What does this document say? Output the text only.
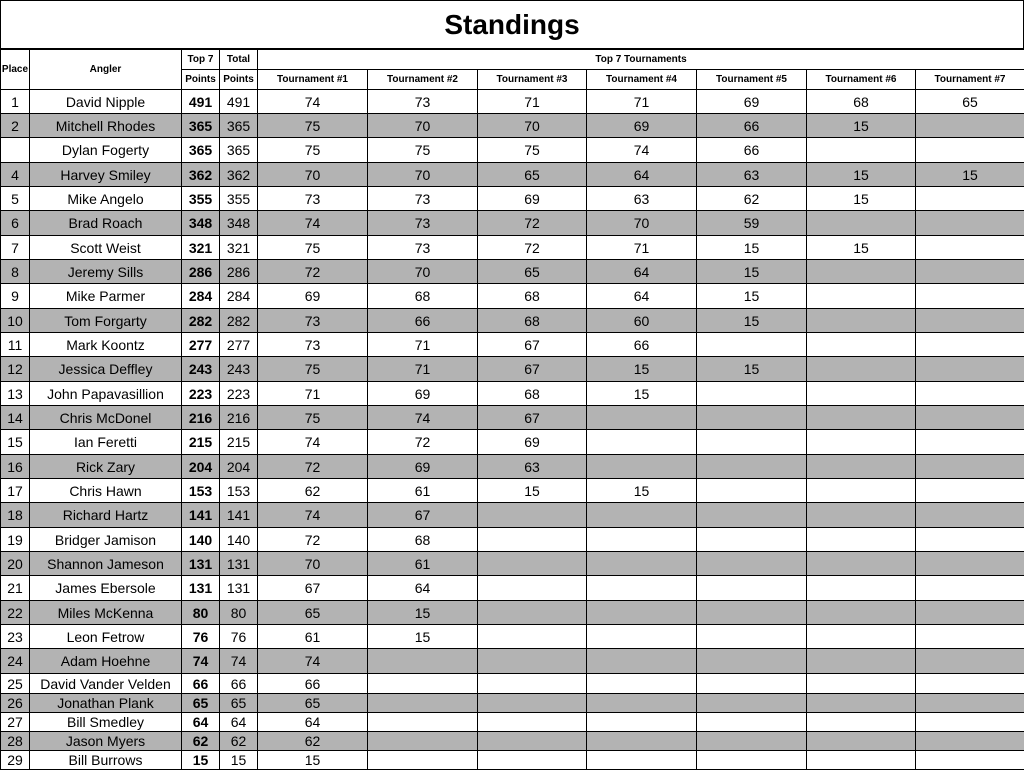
Standings
Place	Angler	Top 7
Points	Total
Points	Top 7 Tournaments						
				Tournament #1	Tournament #2	Tournament #3	Tournament #4	Tournament #5	Tournament #6	Tournament #7
1	David Nipple	491	491	74	73	71	71	69	68	65
2	Mitchell Rhodes	365	365	75	70	70	69	66	15	
	Dylan Fogerty	365	365	75	75	75	74	66		
4	Harvey Smiley	362	362	70	70	65	64	63	15	15
5	Mike Angelo	355	355	73	73	69	63	62	15	
6	Brad Roach	348	348	74	73	72	70	59		
7	Scott Weist	321	321	75	73	72	71	15	15	
8	Jeremy Sills	286	286	72	70	65	64	15		
9	Mike Parmer	284	284	69	68	68	64	15		
10	Tom Forgarty	282	282	73	66	68	60	15		
11	Mark Koontz	277	277	73	71	67	66			
12	Jessica Deffley	243	243	75	71	67	15	15		
13	John Papavasillion	223	223	71	69	68	15			
14	Chris McDonel	216	216	75	74	67				
15	Ian Feretti	215	215	74	72	69				
16	Rick Zary	204	204	72	69	63				
17	Chris Hawn	153	153	62	61	15	15			
18	Richard Hartz	141	141	74	67					
19	Bridger Jamison	140	140	72	68					
20	Shannon Jameson	131	131	70	61					
21	James Ebersole	131	131	67	64					
22	Miles McKenna	80	80	65	15					
23	Leon Fetrow	76	76	61	15					
24	Adam Hoehne	74	74	74						
25	David Vander Velden	66	66	66						
26	Jonathan Plank	65	65	65						
27	Bill Smedley	64	64	64						
28	Jason Myers	62	62	62						
29	Bill Burrows	15	15	15						
